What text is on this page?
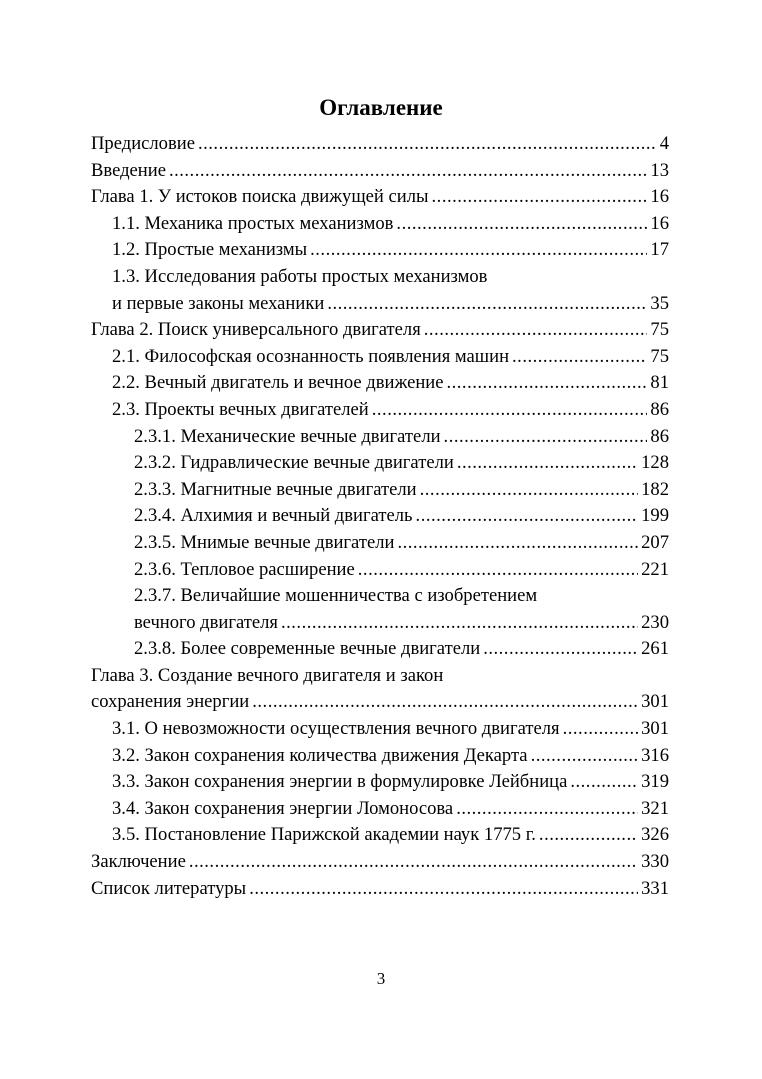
Оглавление
Предисловие .....	4
Введение .....	13
Глава 1. У истоков поиска движущей силы .....	16
1.1. Механика простых механизмов .....	16
1.2. Простые механизмы .....	17
1.3. Исследования работы простых механизмов
и первые законы механики .....	35
Глава 2. Поиск универсального двигателя .....	75
2.1. Философская осознанность появления машин .....	75
2.2. Вечный двигатель и вечное движение .....	81
2.3. Проекты вечных двигателей .....	86
2.3.1. Механические вечные двигатели .....	86
2.3.2. Гидравлические вечные двигатели .....	128
2.3.3. Магнитные вечные двигатели .....	182
2.3.4. Алхимия и вечный двигатель .....	199
2.3.5. Мнимые вечные двигатели .....	207
2.3.6. Тепловое расширение .....	221
2.3.7. Величайшие мошенничества с изобретением
вечного двигателя .....	230
2.3.8. Более современные вечные двигатели .....	261
Глава 3. Создание вечного двигателя и закон
сохранения энергии .....	301
3.1. О невозможности осуществления вечного двигателя .....	301
3.2. Закон сохранения количества движения Декарта .....	316
3.3. Закон сохранения энергии в формулировке Лейбница .....	319
3.4. Закон сохранения энергии Ломоносова .....	321
3.5. Постановление Парижской академии наук 1775 г. .....	326
Заключение .....	330
Список литературы .....	331
3
